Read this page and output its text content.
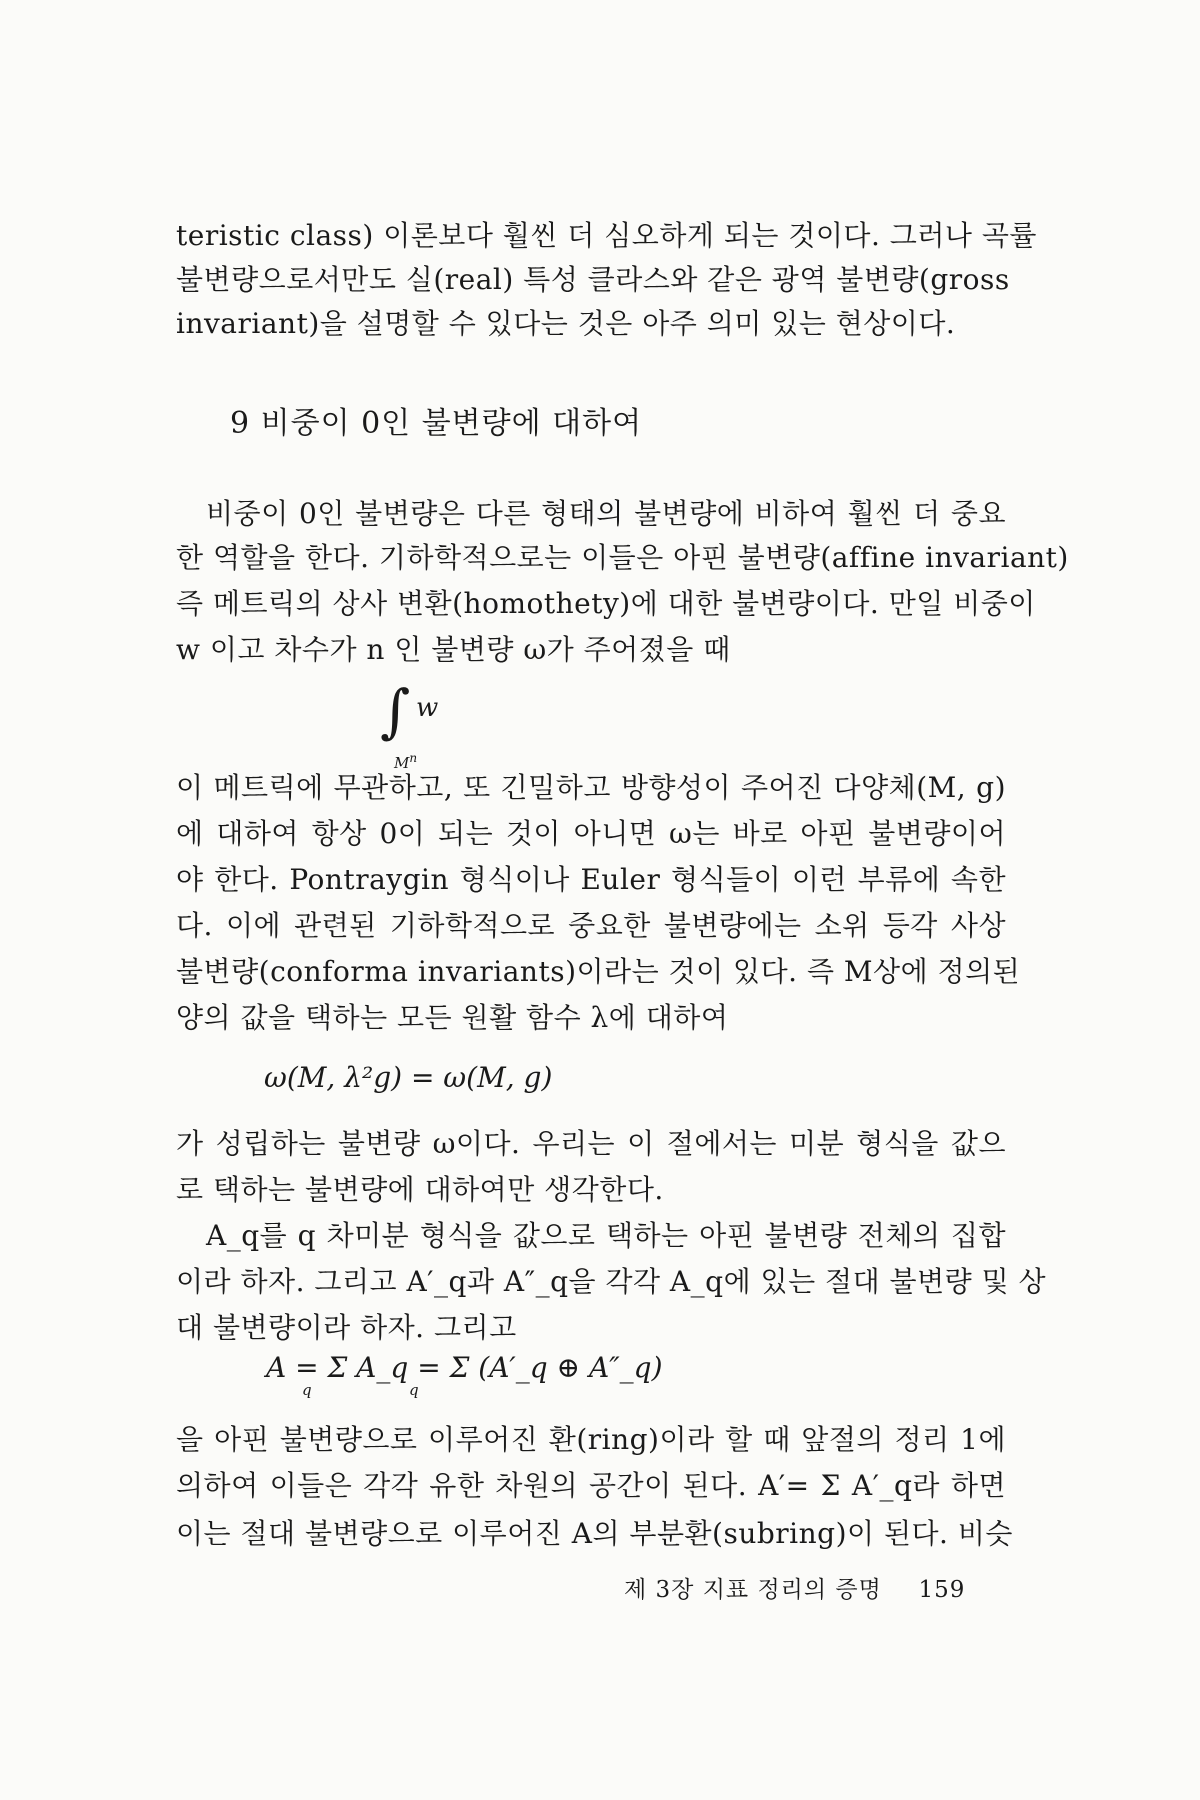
teristic class) 이론보다 훨씬 더 심오하게 되는 것이다. 그러나 곡률
불변량으로서만도 실(real) 특성 클라스와 같은 광역 불변량(gross
invariant)을 설명할 수 있다는 것은 아주 의미 있는 현상이다.
9 비중이 0인 불변량에 대하여
비중이 0인 불변량은 다른 형태의 불변량에 비하여 훨씬 더 중요
한 역할을 한다. 기하학적으로는 이들은 아핀 불변량(affine invariant)
즉 메트릭의 상사 변환(homothety)에 대한 불변량이다. 만일 비중이
w 이고 차수가 n 인 불변량 ω가 주어졌을 때
∫ w
$M^n$
이 메트릭에 무관하고, 또 긴밀하고 방향성이 주어진 다양체(M, g)
에 대하여 항상 0이 되는 것이 아니면 ω는 바로 아핀 불변량이어
야 한다. Pontraygin 형식이나 Euler 형식들이 이런 부류에 속한
다. 이에 관련된 기하학적으로 중요한 불변량에는 소위 등각 사상
불변량(conforma invariants)이라는 것이 있다. 즉 M상에 정의된
양의 값을 택하는 모든 원활 함수 λ에 대하여
ω(M, λ²g) = ω(M, g)
가 성립하는 불변량 ω이다. 우리는 이 절에서는 미분 형식을 값으
로 택하는 불변량에 대하여만 생각한다.
A_q를 q 차미분 형식을 값으로 택하는 아핀 불변량 전체의 집합
이라 하자. 그리고 A′_q과 A″_q을 각각 A_q에 있는 절대 불변량 및 상
대 불변량이라 하자. 그리고
A = Σ A_q = Σ (A′_q ⊕ A″_q)
q	q
을 아핀 불변량으로 이루어진 환(ring)이라 할 때 앞절의 정리 1에
의하여 이들은 각각 유한 차원의 공간이 된다. A′= Σ A′_q라 하면
이는 절대 불변량으로 이루어진 A의 부분환(subring)이 된다. 비슷
제 3장 지표 정리의 증명 159
